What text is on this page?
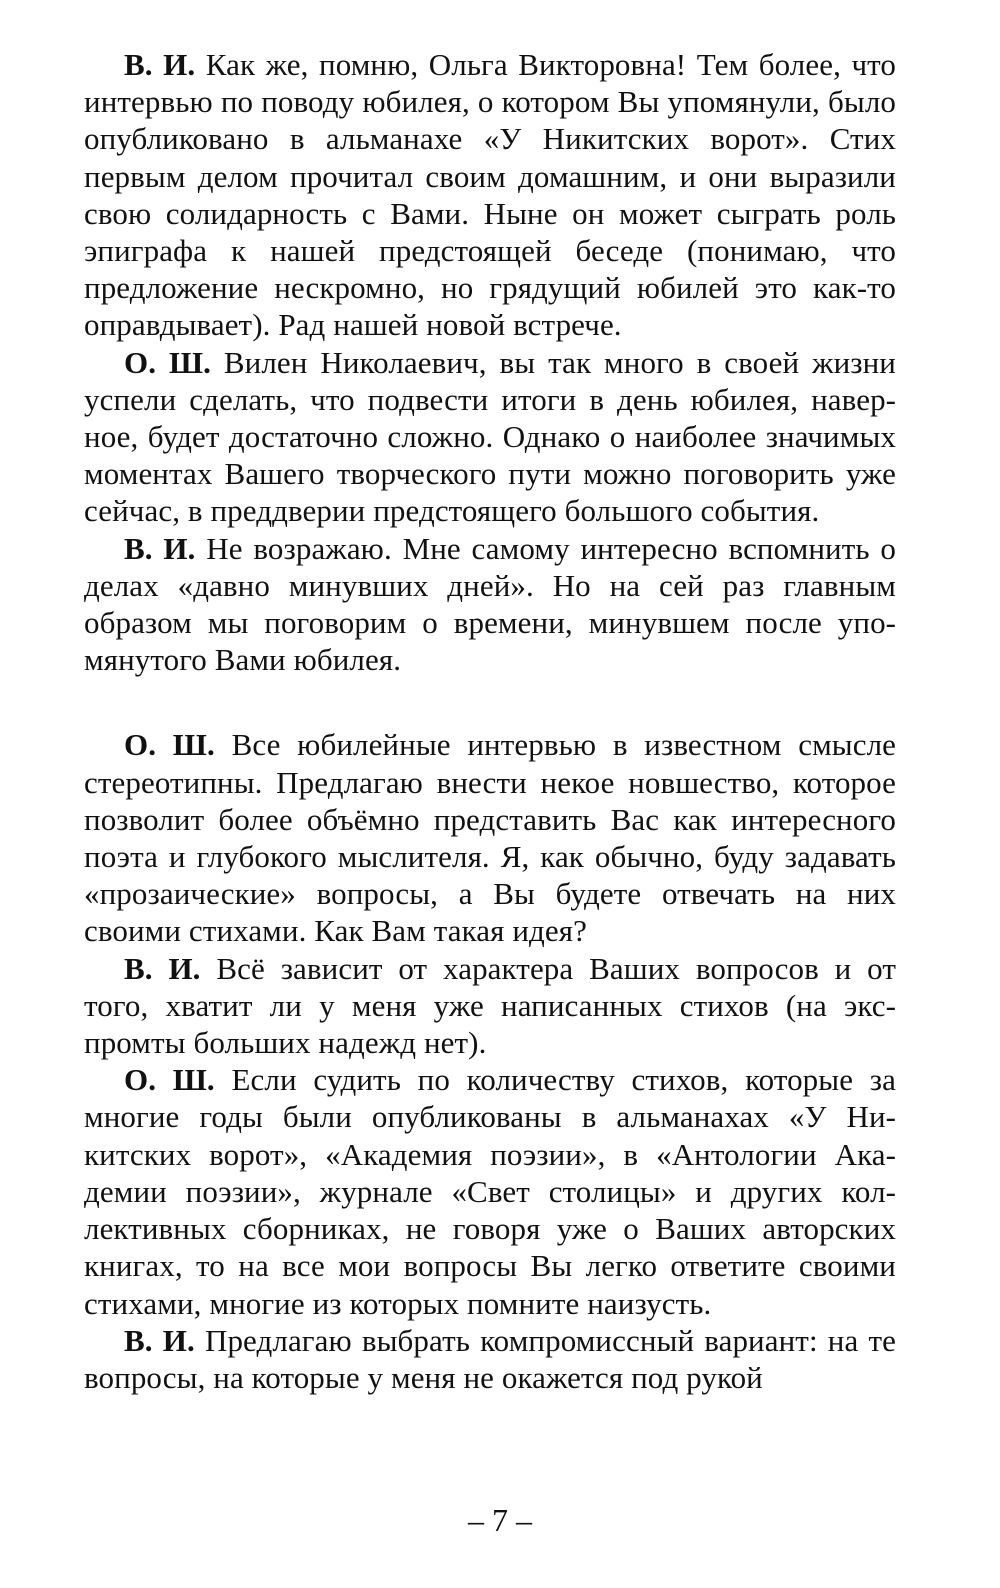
В. И. Как же, помню, Ольга Викторовна! Тем более, что интервью по поводу юбилея, о котором Вы упомянули, было опубликовано в альманахе «У Никитских ворот». Стих первым делом прочитал своим домашним, и они выразили свою солидарность с Вами. Ныне он может сыграть роль эпиграфа к нашей предстоящей беседе (понимаю, что предложение нескромно, но грядущий юбилей это как-то оправдывает). Рад нашей новой встрече.

О. Ш. Вилен Николаевич, вы так много в своей жизни успели сделать, что подвести итоги в день юбилея, наверное, будет достаточно сложно. Однако о наиболее значимых моментах Вашего творческого пути можно поговорить уже сейчас, в преддверии предстоящего большого события.

В. И. Не возражаю. Мне самому интересно вспомнить о делах «давно минувших дней». Но на сей раз главным образом мы поговорим о времени, минувшем после упомянутого Вами юбилея.

О. Ш. Все юбилейные интервью в известном смысле стереотипны. Предлагаю внести некое новшество, которое позволит более объёмно представить Вас как интересного поэта и глубокого мыслителя. Я, как обычно, буду задавать «прозаические» вопросы, а Вы будете отвечать на них своими стихами. Как Вам такая идея?

В. И. Всё зависит от характера Ваших вопросов и от того, хватит ли у меня уже написанных стихов (на экспромты больших надежд нет).

О. Ш. Если судить по количеству стихов, которые за многие годы были опубликованы в альманахах «У Никитских ворот», «Академия поэзии», в «Антологии Академии поэзии», журнале «Свет столицы» и других коллективных сборниках, не говоря уже о Ваших авторских книгах, то на все мои вопросы Вы легко ответите своими стихами, многие из которых помните наизусть.

В. И. Предлагаю выбрать компромиссный вариант: на те вопросы, на которые у меня не окажется под рукой

– 7 –
